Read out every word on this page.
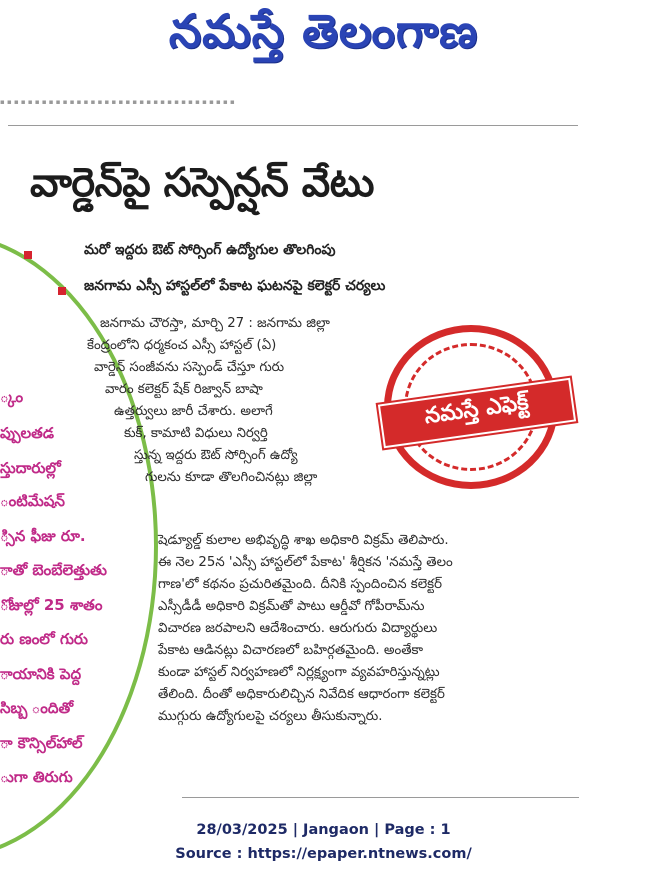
నమస్తే తెలంగాణ
▪ ▪ ▪ ▪ ▪ ▪ ▪ ▪ ▪ ▪ ▪ ▪ ▪ ▪ ▪ ▪ ▪ ▪ ▪ ▪ ▪ ▪ ▪ ▪ ▪ ▪ ▪ ▪ ▪ ▪ ▪ ▪ ▪ ▪
్కం
ప్పులతడ
స్తుదారుల్లో
ంటిమేషన్
్సిన ఫీజు రూ.
ాతో బెంబేలెత్తుతు
ోజుల్లో 25 శాతం
రు ణంలో గురు
ాయానికి పెద్ద
సిబ్బ ందితో
ా కౌన్సిల్‌హాల్
ుగా తిరుగు
వార్డెన్‌పై సస్పెన్షన్ వేటు
మరో ఇద్దరు ఔట్ సోర్సింగ్ ఉద్యోగుల తొలగింపు
జనగామ ఎస్సీ హాస్టల్‌లో పేకాట ఘటనపై కలెక్టర్ చర్యలు
నమస్తే ఎఫెక్ట్
జనగామ చౌరస్తా, మార్చి 27 : జనగామ జిల్లా
కేంద్రంలోని ధర్మకంచ ఎస్సీ హాస్టల్ (ఏ)
వార్డెన్ సంజీవను సస్పెండ్ చేస్తూ గురు
వారం కలెక్టర్ షేక్ రిజ్వాన్ బాషా
ఉత్తర్వులు జారీ చేశారు. అలాగే
కుక్, కామాటి విధులు నిర్వర్తి
స్తున్న ఇద్దరు ఔట్ సోర్సింగ్ ఉద్యో
గులను కూడా తొలగించినట్లు జిల్లా
షెడ్యూల్డ్ కులాల అభివృద్ధి శాఖ అధికారి విక్రమ్ తెలిపారు.
ఈ నెల 25న 'ఎస్సీ హాస్టల్‌లో పేకాట' శీర్షికన 'నమస్తే తెలం
గాణ'లో కథనం ప్రచురితమైంది. దీనికి స్పందించిన కలెక్టర్
ఎస్సీడీడీ అధికారి విక్రమ్‌తో పాటు ఆర్డీవో గోపీరామ్‌ను
విచారణ జరపాలని ఆదేశించారు. ఆరుగురు విద్యార్థులు
పేకాట ఆడినట్లు విచారణలో బహిర్గతమైంది. అంతేకా
కుండా హాస్టల్ నిర్వహణలో నిర్లక్ష్యంగా వ్యవహరిస్తున్నట్లు
తేలింది. దీంతో అధికారులిచ్చిన నివేదిక ఆధారంగా కలెక్టర్
ముగ్గురు ఉద్యోగులపై చర్యలు తీసుకున్నారు.
28/03/2025 | Jangaon | Page : 1
Source : https://epaper.ntnews.com/
